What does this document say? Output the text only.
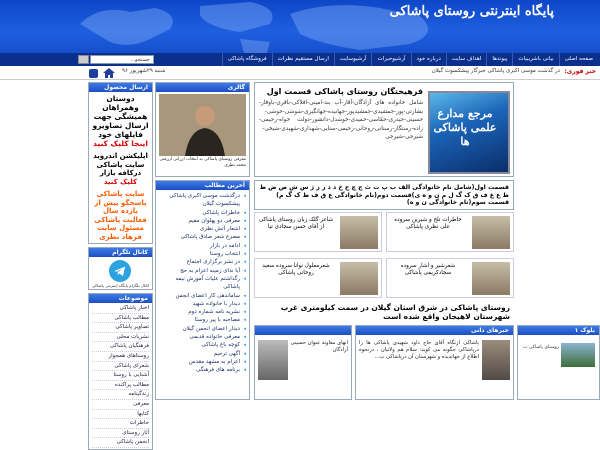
پایگاه اینترنتی روستای پاشاکی
صفحه اصلی
بیانی باشریبیات
پیوندها
اهداف سایت
درباره خود
آرشیوخبرات
آرشیوسایت
ارسال مستقیم نظرات
فروشگاه پاشاکی
جستجو...
خبر فوری:
در گذشت موسی اکبری پاشاکی خبرگار پیشکسوت گیلان
شنبه ۲۹شهریور ۹۶
ارسال محصول
دوستان وهمراهان همیشگی جهت ارسال تصاویرو فایلهای خود اینجا کلیک کنید
اپلیکشن اندروید سایت پاشاکی درکافه بازار کلیک کنید
سایت پاشاکی پاسخگو بیش از یازده سال فعالیت پاشاکی مسئول سایت فرهاد نظری
کانال تلگرام
کانال تلگرام پایگاه اینترنتی پاشاکی
موضوعات
اخبار پاشاکی
مطالب پاشاکی
تصاویر پاشاکی
نشریات محلی
فرهنگیان پاشاکی
روستاهای همجوار
شعرای پاشاکی
آشنایی با روستا
مطالب پراکنده
زندگینامه
معرفی
کتابها
خاطرات
آثار روستای
انجمن پاشاکی
گالری
معرفی روستای پاشاکی به انتخاب ارزانی ارزمتی محمد نظری
آخرین مطالب
◂ درگذشت موسی اکبری پاشاکی پیشکسوت گیلان
◂ خاطرات پاشاکی
◂ معرفی دو پهلوان مقیم
◂ اشعار آتش نظری
◂ مصرع شعر صادق پاشاکی
◂ ادامه در بازار
◂ انتخاب روستا
◂ در نشر برگزاری اجتماع
◂ آیا ندای زمینه اعزام به حج
◂ رگذاشتم علیات آموزش نیمه پاشاکی
◂ ساماندهی کار اعضای انجمن
◂ دیدار با خانواده شهید
◂ نشریه نامه شماره دوم
◂ مصاحبه با پیر روستا
◂ دیدار اعضای انجمن گیلان
◂ معرفی خانواده قدیمی
◂ کوچه باغ پاشاکی
◂ آگهی ترحیم
◂ اعزام به مشهد مقدس
◂ برنامه های فرهنگی
مرجع مدارع علمی پاشاکی ها
فرهیختگان روستای پاشاکی قسمت اول
شامل خانواده های آزادگان-آقار-آب بند-امینی-افلاکی-باقری-باوقار-بشارتی-پور-جمشیدی-جمشیدپور-جهانیده-جهانگیری-شوشی-خوشی-حسینی-حیدری-حمّاسی-حمیدی-خوشدل-دانشور-دولت خواه-رحیمی-زاده-رستگار-رسنانی-روحانی-رحیمی-سنایی-شهداری-شهیدی-شیخی-شیرجی-شیرجی
قسمت اول(شامل نام خانوادگی الف ب پ ت ث ج چ ح خ د ذ ر ز ژ س ش ص ض ط ظ ع غ ف ق ک گ ل م ن و ه ی)قسمت دوم(نام خانوادگی ع ق ف ط ک گ م) قسمت سوم(نام خانوادگی ن و ه)
خاطرات تلخ و شیرین سروده علی نظری پاشاکی
شاعر گلک زبان روستای پاشاکی از آقای حسن سجادی تیا
شعرشیر و اشار سروده سجادکریمی پاشاکی
شعرمعلول نوانا سروده سعید روحانی پاشاکی
روستای پاشاکی در شرق استان گیلان در سمت کیلومتری غرب شهرستان لاهیجان واقع شده است
انهای معاونه عنوان حسینی آزادگان
خبرهای دانی
پاشاکی ازنگاه آقای حاج داود شهیدی پاشاکی ها را درپاشاکی جگونه می کوید: سلام هم ولاتیان ، درنحوه اطلاع از جهاندیده و شهرستان آن درپاشاکی ب...
بلوک ۱
روستای پاشاکی ب
